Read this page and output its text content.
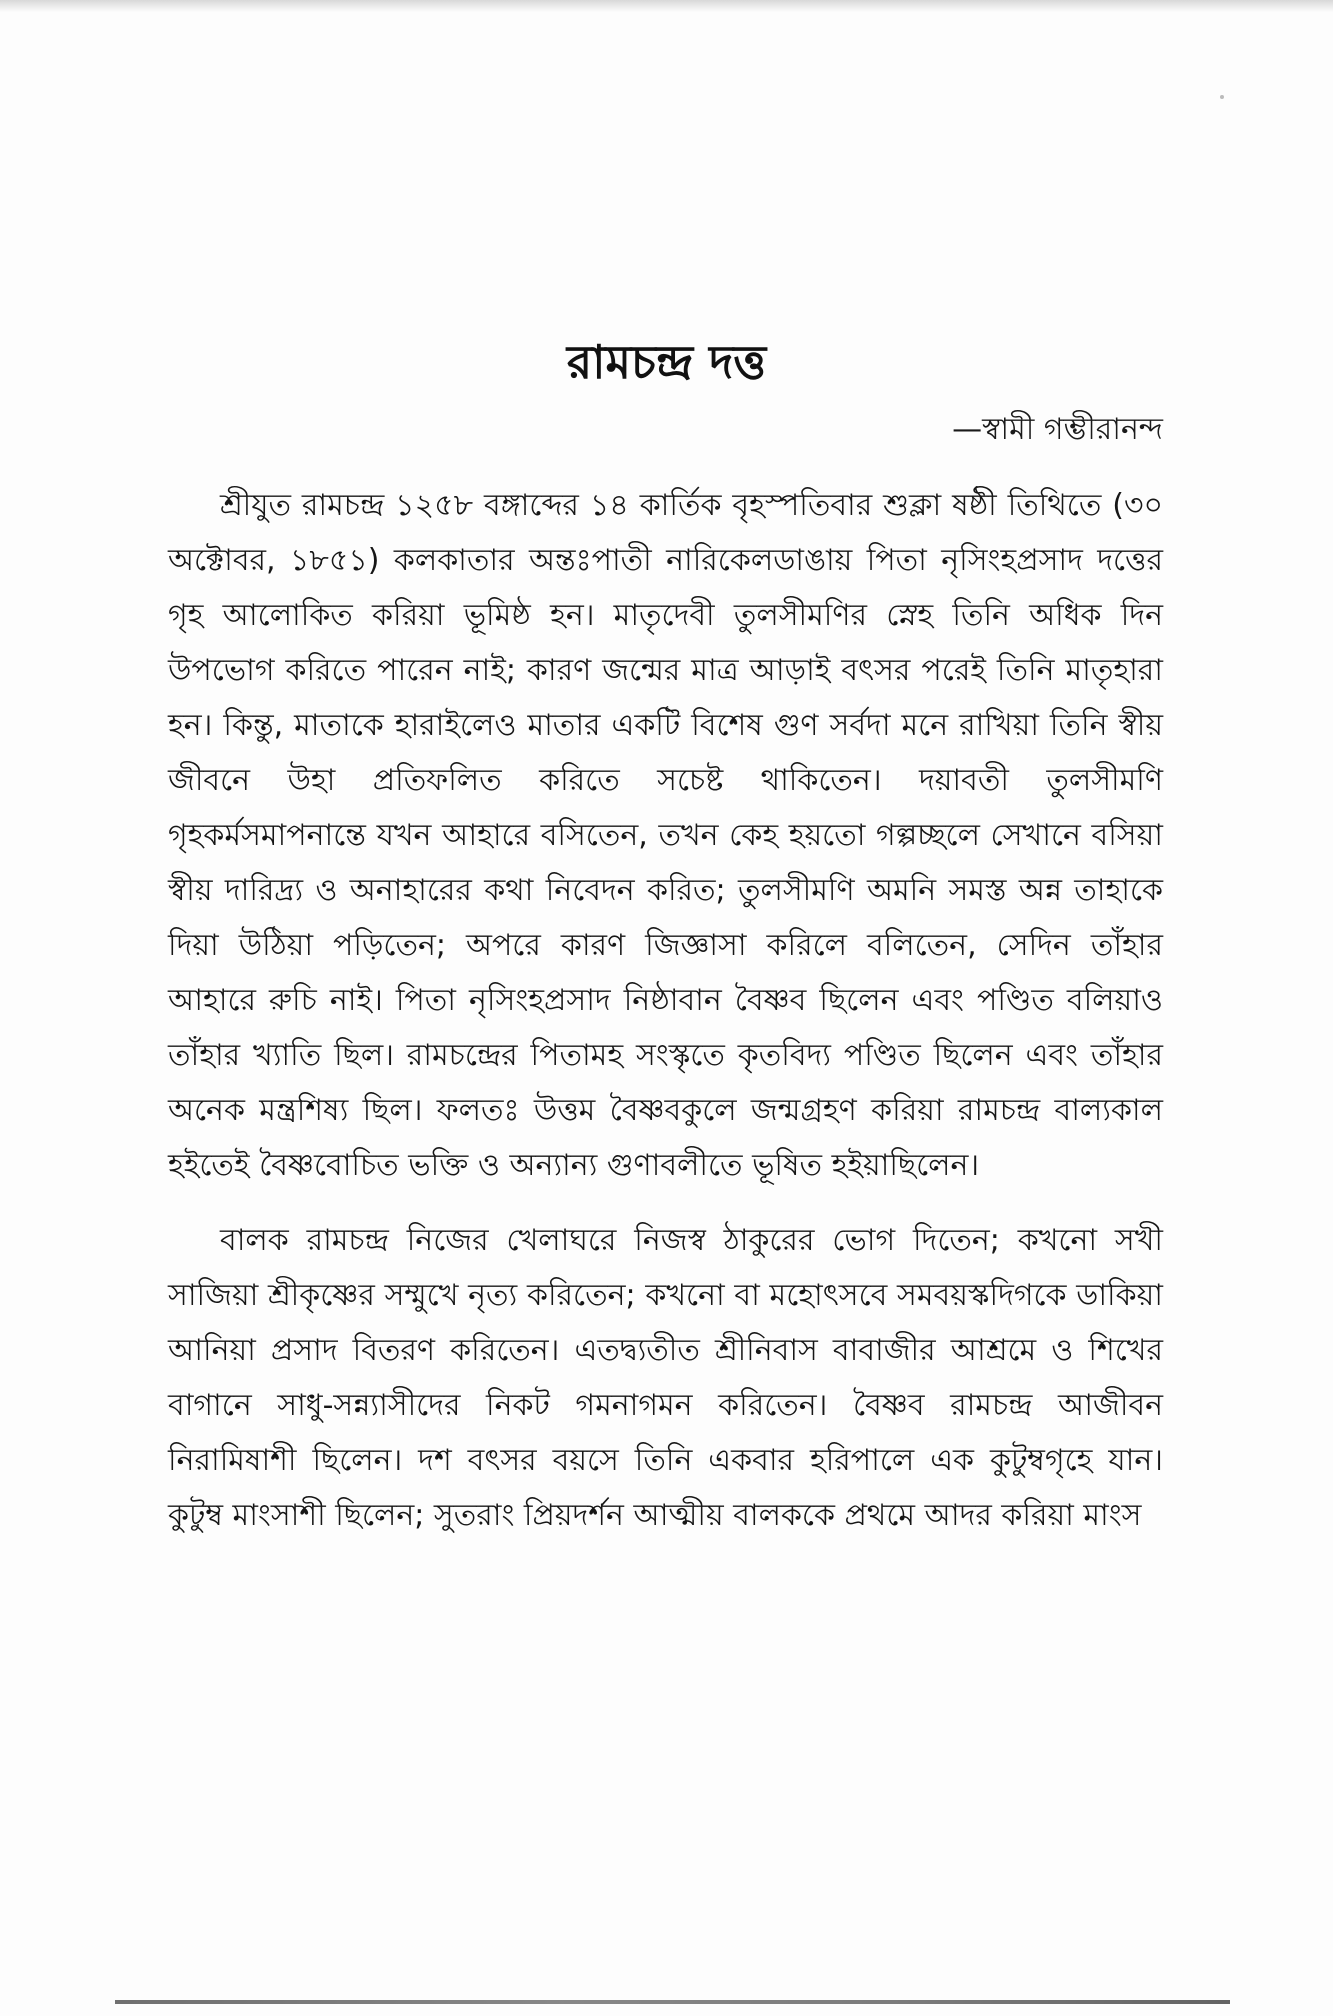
রামচন্দ্র দত্ত
—স্বামী গম্ভীরানন্দ

শ্রীযুত রামচন্দ্র ১২৫৮ বঙ্গাব্দের ১৪ কার্তিক বৃহস্পতিবার শুক্লা ষষ্ঠী তিথিতে (৩০ অক্টোবর, ১৮৫১) কলকাতার অন্তঃপাতী নারিকেলডাঙায় পিতা নৃসিংহপ্রসাদ দত্তের গৃহ আলোকিত করিয়া ভূমিষ্ঠ হন। মাতৃদেবী তুলসীমণির স্নেহ তিনি অধিক দিন উপভোগ করিতে পারেন নাই; কারণ জন্মের মাত্র আড়াই বৎসর পরেই তিনি মাতৃহারা হন। কিন্তু, মাতাকে হারাইলেও মাতার একটি বিশেষ গুণ সর্বদা মনে রাখিয়া তিনি স্বীয় জীবনে উহা প্রতিফলিত করিতে সচেষ্ট থাকিতেন। দয়াবতী তুলসীমণি গৃহকর্মসমাপনান্তে যখন আহারে বসিতেন, তখন কেহ হয়তো গল্পচ্ছলে সেখানে বসিয়া স্বীয় দারিদ্র্য ও অনাহারের কথা নিবেদন করিত; তুলসীমণি অমনি সমস্ত অন্ন তাহাকে দিয়া উঠিয়া পড়িতেন; অপরে কারণ জিজ্ঞাসা করিলে বলিতেন, সেদিন তাঁহার আহারে রুচি নাই। পিতা নৃসিংহপ্রসাদ নিষ্ঠাবান বৈষ্ণব ছিলেন এবং পণ্ডিত বলিয়াও তাঁহার খ্যাতি ছিল। রামচন্দ্রের পিতামহ সংস্কৃতে কৃতবিদ্য পণ্ডিত ছিলেন এবং তাঁহার অনেক মন্ত্রশিষ্য ছিল। ফলতঃ উত্তম বৈষ্ণবকুলে জন্মগ্রহণ করিয়া রামচন্দ্র বাল্যকাল হইতেই বৈষ্ণবোচিত ভক্তি ও অন্যান্য গুণাবলীতে ভূষিত হইয়াছিলেন।

বালক রামচন্দ্র নিজের খেলাঘরে নিজস্ব ঠাকুরের ভোগ দিতেন; কখনো সখী সাজিয়া শ্রীকৃষ্ণের সম্মুখে নৃত্য করিতেন; কখনো বা মহোৎসবে সমবয়স্কদিগকে ডাকিয়া আনিয়া প্রসাদ বিতরণ করিতেন। এতদ্ব্যতীত শ্রীনিবাস বাবাজীর আশ্রমে ও শিখের বাগানে সাধু-সন্ন্যাসীদের নিকট গমনাগমন করিতেন। বৈষ্ণব রামচন্দ্র আজীবন নিরামিষাশী ছিলেন। দশ বৎসর বয়সে তিনি একবার হরিপালে এক কুটুম্বগৃহে যান। কুটুম্ব মাংসাশী ছিলেন; সুতরাং প্রিয়দর্শন আত্মীয় বালককে প্রথমে আদর করিয়া মাংস
